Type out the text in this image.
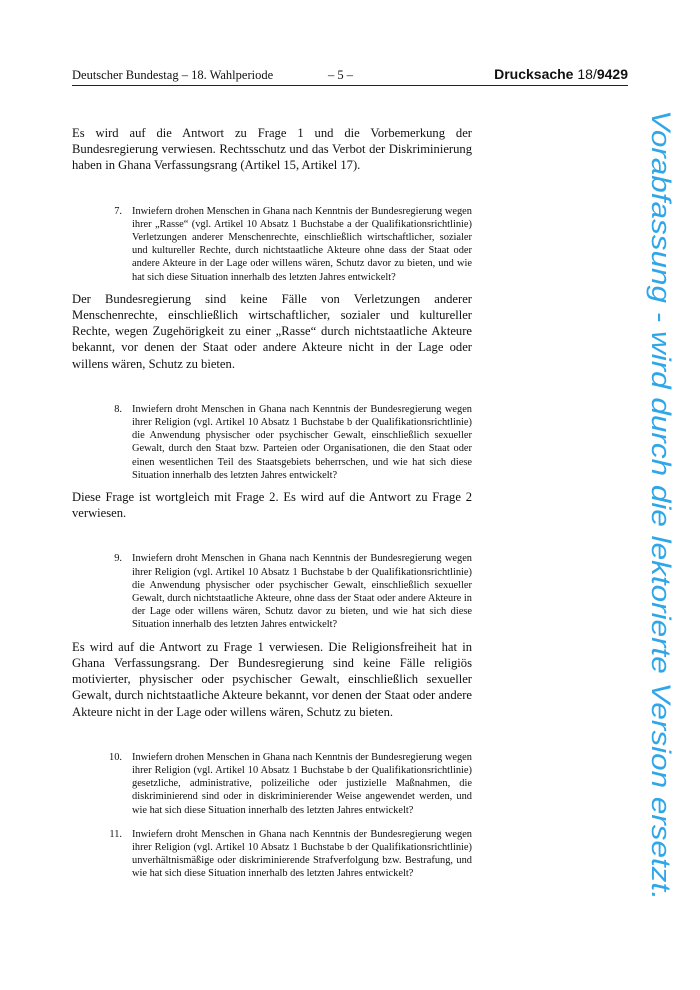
Deutscher Bundestag – 18. Wahlperiode	– 5 –	Drucksache 18/9429

Es wird auf die Antwort zu Frage 1 und die Vorbemerkung der Bundesregierung verwiesen. Rechtsschutz und das Verbot der Diskriminierung haben in Ghana Verfassungsrang (Artikel 15, Artikel 17).

7. Inwiefern drohen Menschen in Ghana nach Kenntnis der Bundesregierung wegen ihrer „Rasse“ (vgl. Artikel 10 Absatz 1 Buchstabe a der Qualifikationsrichtlinie) Verletzungen anderer Menschenrechte, einschließlich wirtschaftlicher, sozialer und kultureller Rechte, durch nichtstaatliche Akteure ohne dass der Staat oder andere Akteure in der Lage oder willens wären, Schutz davor zu bieten, und wie hat sich diese Situation innerhalb des letzten Jahres entwickelt?

Der Bundesregierung sind keine Fälle von Verletzungen anderer Menschenrechte, einschließlich wirtschaftlicher, sozialer und kultureller Rechte, wegen Zugehörigkeit zu einer „Rasse“ durch nichtstaatliche Akteure bekannt, vor denen der Staat oder andere Akteure nicht in der Lage oder willens wären, Schutz zu bieten.

8. Inwiefern droht Menschen in Ghana nach Kenntnis der Bundesregierung wegen ihrer Religion (vgl. Artikel 10 Absatz 1 Buchstabe b der Qualifikationsrichtlinie) die Anwendung physischer oder psychischer Gewalt, einschließlich sexueller Gewalt, durch den Staat bzw. Parteien oder Organisationen, die den Staat oder einen wesentlichen Teil des Staatsgebiets beherrschen, und wie hat sich diese Situation innerhalb des letzten Jahres entwickelt?

Diese Frage ist wortgleich mit Frage 2. Es wird auf die Antwort zu Frage 2 verwiesen.

9. Inwiefern droht Menschen in Ghana nach Kenntnis der Bundesregierung wegen ihrer Religion (vgl. Artikel 10 Absatz 1 Buchstabe b der Qualifikationsrichtlinie) die Anwendung physischer oder psychischer Gewalt, einschließlich sexueller Gewalt, durch nichtstaatliche Akteure, ohne dass der Staat oder andere Akteure in der Lage oder willens wären, Schutz davor zu bieten, und wie hat sich diese Situation innerhalb des letzten Jahres entwickelt?

Es wird auf die Antwort zu Frage 1 verwiesen. Die Religionsfreiheit hat in Ghana Verfassungsrang. Der Bundesregierung sind keine Fälle religiös motivierter, physischer oder psychischer Gewalt, einschließlich sexueller Gewalt, durch nichtstaatliche Akteure bekannt, vor denen der Staat oder andere Akteure nicht in der Lage oder willens wären, Schutz zu bieten.

10. Inwiefern drohen Menschen in Ghana nach Kenntnis der Bundesregierung wegen ihrer Religion (vgl. Artikel 10 Absatz 1 Buchstabe b der Qualifikationsrichtlinie) gesetzliche, administrative, polizeiliche oder justizielle Maßnahmen, die diskriminierend sind oder in diskriminierender Weise angewendet werden, und wie hat sich diese Situation innerhalb des letzten Jahres entwickelt?
11. Inwiefern droht Menschen in Ghana nach Kenntnis der Bundesregierung wegen ihrer Religion (vgl. Artikel 10 Absatz 1 Buchstabe b der Qualifikationsrichtlinie) unverhältnismäßige oder diskriminierende Strafverfolgung bzw. Bestrafung, und wie hat sich diese Situation innerhalb des letzten Jahres entwickelt?
Vorabfassung - wird durch die lektorierte Version ersetzt.
